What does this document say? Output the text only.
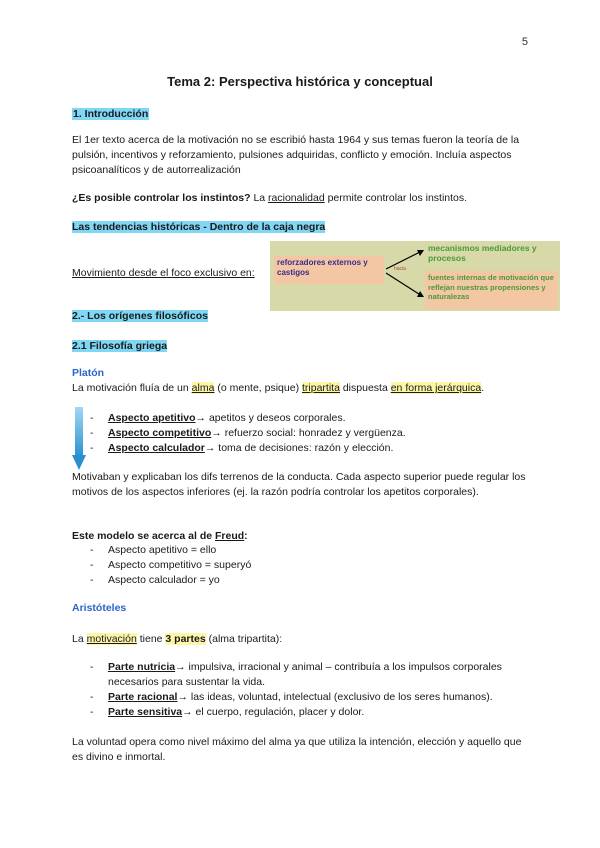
5
Tema 2: Perspectiva histórica y conceptual
1. Introducción
El 1er texto acerca de la motivación no se escribió hasta 1964 y sus temas fueron la teoría de la pulsión, incentivos y reforzamiento, pulsiones adquiridas, conflicto y emoción. Incluía aspectos psicoanalíticos y de autorrealización
¿Es posible controlar los instintos? La racionalidad permite controlar los instintos.
Las tendencias históricas - Dentro de la caja negra
Movimiento desde el foco exclusivo en:
reforzadores externos y castigos	hacia
mecanismos mediadores y procesos
fuentes internas de motivación que reflejan nuestras propensiones y naturalezas
2.- Los orígenes filosóficos
2.1 Filosofía griega
Platón
La motivación fluía de un alma (o mente, psique) tripartita dispuesta en forma jerárquica.
- Aspecto apetitivo→ apetitos y deseos corporales.
- Aspecto competitivo→ refuerzo social: honradez y vergüenza.
- Aspecto calculador→ toma de decisiones: razón y elección.
Motivaban y explicaban los difs terrenos de la conducta. Cada aspecto superior puede regular los motivos de los aspectos inferiores (ej. la razón podría controlar los apetitos corporales).
Este modelo se acerca al de Freud:
- Aspecto apetitivo = ello
- Aspecto competitivo = superyó
- Aspecto calculador = yo
Aristóteles
La motivación tiene 3 partes (alma tripartita):
- Parte nutricia→ impulsiva, irracional y animal – contribuía a los impulsos corporales necesarios para sustentar la vida.
- Parte racional→ las ideas, voluntad, intelectual (exclusivo de los seres humanos).
- Parte sensitiva→ el cuerpo, regulación, placer y dolor.
La voluntad opera como nivel máximo del alma ya que utiliza la intención, elección y aquello que es divino e inmortal.
